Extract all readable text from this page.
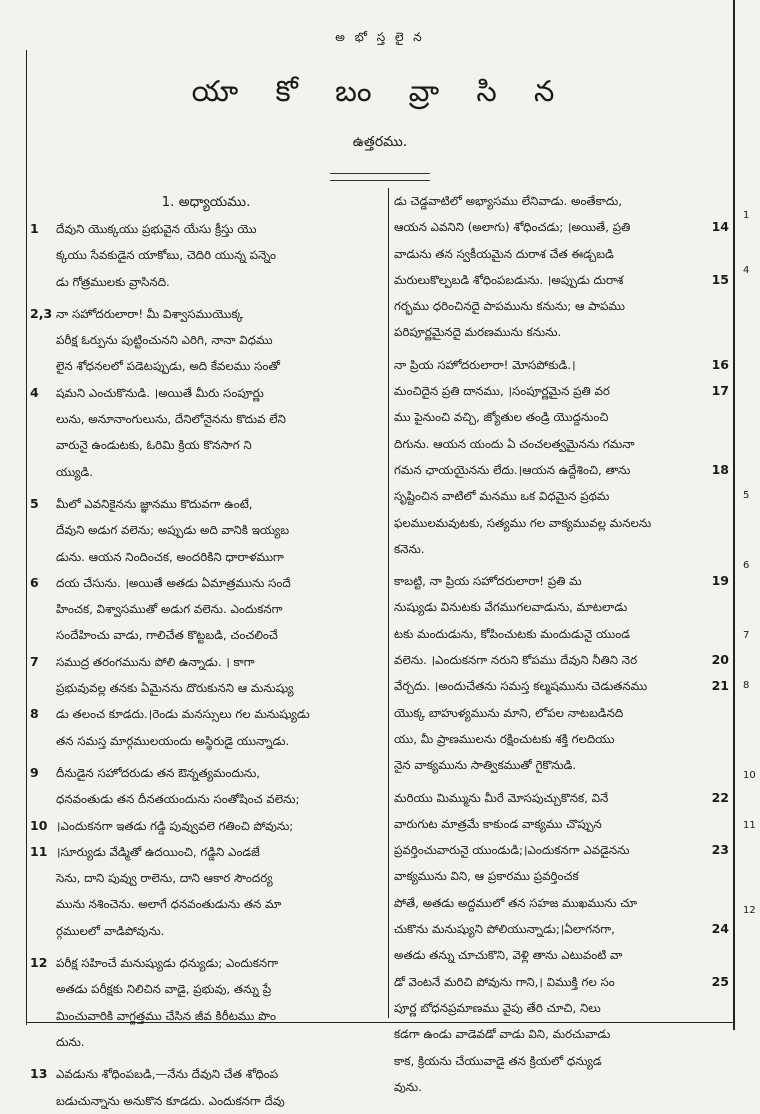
అ భో స్త లై న
యా కో బం వ్రా సి న
ఉత్తరము.
1. అధ్యాయము.
1 దేవుని యొక్కయు ప్రభువైన యేసు క్రీస్తు యొ
క్కయు సేవకుడైన యాకోబు, చెదిరి యున్న పన్నెం
డు గోత్రములకు వ్రాసినది.
2,3 నా సహోదరులారా! మీ విశ్వాసముయొక్క
పరీక్ష ఓర్పును పుట్టించునని ఎరిగి, నానా విధము
లైన శోధనలలో పడెటప్పుడు, అది కేవలము సంతో
4 షమని ఎంచుకొనుడి. ।అయితే మీరు సంపూర్ణు
లును, అనూనాంగులును, దేనిలోనైనను కొదువ లేని
వారునై ఉండుటకు, ఓరిమి క్రియ కొనసాగ ని
య్యుడి.
5 మీలో ఎవనికైనను జ్ఞానము కొదువగా ఉంటే,
దేవుని అడుగ వలెను; అప్పుడు అది వానికి ఇయ్యబ
డును. ఆయన నిందించక, అందరికిని ధారాళముగా
6 దయ చేసును. ।అయితే అతడు ఏమాత్రమును సందే
హించక, విశ్వాసముతో అడుగ వలెను. ఎందుకనగా
సందేహించు వాడు, గాలిచేత కొట్టబడి, చంచలించే
7 సముద్ర తరంగమును పోలి ఉన్నాడు. । కాగా
ప్రభువువల్ల తనకు ఏమైనను దొరుకునని ఆ మనుష్యు
8 డు తలంచ కూడదు.।రెండు మనస్సులు గల మనుష్యుడు
తన సమస్త మార్గములయందు అస్థిరుడై యున్నాడు.
9 దీనుడైన సహోదరుడు తన ఔన్నత్యమందును,
ధనవంతుడు తన దీనతయందును సంతోషించ వలెను;
10 ।ఎందుకనగా ఇతడు గడ్డి పువ్వువలె గతించి పోవును;
11 ।సూర్యుడు వేడ్మితో ఉదయించి, గడ్డిని ఎండజే
సెను, దాని పువ్వు రాలెను, దాని ఆకార సౌందర్య
మును నశించెను. అలాగే ధనవంతుడును తన మా
ర్గములలో వాడిపోవును.
12 పరీక్ష సహించే మనుష్యుడు ధన్యుడు; ఎందుకనగా
అతడు పరీక్షకు నిలిచిన వాడై, ప్రభువు, తన్ను ప్రే
మించువారికి వాగ్దత్తము చేసిన జీవ కిరీటము పొం
దును.
13 ఎవడును శోధింపబడి,—నేను దేవుని చేత శోధింప
బడుచున్నాను అనుకొన కూడదు. ఎందుకనగా దేవు
డు చెడ్డవాటిలో అభ్యాసము లేనివాడు. అంతేకాదు,
ఆయన ఎవనిని (అలాగు) శోధించడు; ।అయితే, ప్రతి	14
వాడును తన స్వకీయమైన దురాశ చేత ఈడ్చబడి
మరులుకొల్పబడి శోధింపబడును. ।అప్పుడు దురాశ	15
గర్భము ధరించినదై పాపమును కనును; ఆ పాపము
పరిపూర్ణమైనదై మరణమును కనును.
నా ప్రియ సహోదరులారా! మోసపోకుడి.।	16
మంచిదైన ప్రతి దానము, ।సంపూర్ణమైన ప్రతి వర	17
ము పైనుంచి వచ్చి, జ్యోతుల తండ్రి యొద్దనుంచి
దిగును. ఆయన యందు ఏ చంచలత్వమైనను గమనా
గమన ఛాయయైనను లేదు.।ఆయన ఉద్దేశించి, తాను	18
సృష్టించిన వాటిలో మనము ఒక విధమైన ప్రథమ
ఫలములమవుటకు, సత్యము గల వాక్యమువల్ల మనలను
కనెను.
కాబట్టి, నా ప్రియ సహోదరులారా! ప్రతి మ	19
నుష్యుడు వినుటకు వేగముగలవాడును, మాటలాడు
టకు మందుడును, కోపించుటకు మందుడునై యుండ
వలెను. ।ఎందుకనగా నరుని కోపము దేవుని నీతిని నెర	20
వేర్చదు. ।అందుచేతను సమస్త కల్మషమును చెడుతనము	21
యొక్క బాహుళ్యమును మాని, లోపల నాటబడినది
యు, మీ ప్రాణములను రక్షించుటకు శక్తి గలదియు
నైన వాక్యమును సాత్వికముతో గైకొనుడి.
మరియు మిమ్మును మీరే మోసపుచ్చుకొనక, వినే	22
వారుగుట మాత్రమే కాకుండ వాక్యము చొప్పున
ప్రవర్తించువారునై యుండుడి;।ఎందుకనగా ఎవడైనను	23
వాక్యమును విని, ఆ ప్రకారము ప్రవర్తించక
పోతే, అతడు అద్దములో తన సహజ ముఖమును చూ
చుకొను మనుష్యుని పోలియున్నాడు;।ఏలాగనగా,	24
అతడు తన్ను చూచుకొని, వెళ్లి తాను ఎటువంటి వా
డో వెంటనే మరిచి పోవును గాని,। విముక్తి గల సం	25
పూర్ణ బోధనప్రమాణము వైపు తేరి చూచి, నిలు
కడగా ఉండు వాడెవడో వాడు విని, మరచువాడు
కాక, క్రియను చేయువాడై తన క్రియలో ధన్యుడ
వును.
1
4
5
6
7
8
10
11
12
